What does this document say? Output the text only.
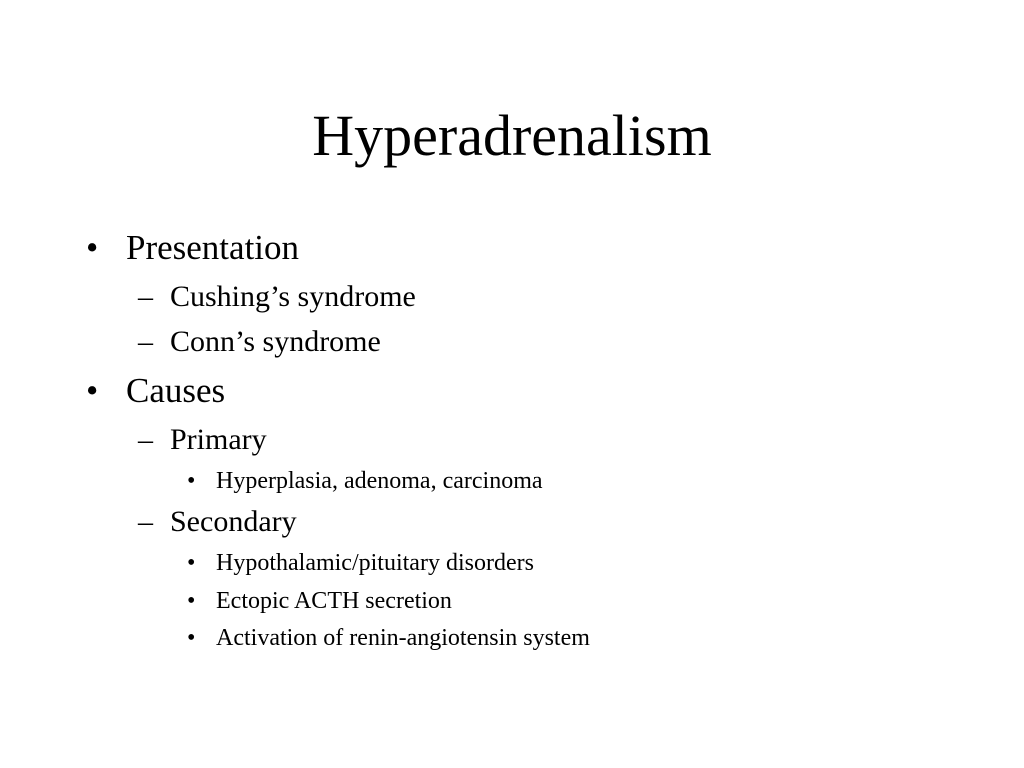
Hyperadrenalism
• Presentation
– Cushing’s syndrome
– Conn’s syndrome
• Causes
– Primary
• Hyperplasia, adenoma, carcinoma
– Secondary
• Hypothalamic/pituitary disorders
• Ectopic ACTH secretion
• Activation of renin-angiotensin system
